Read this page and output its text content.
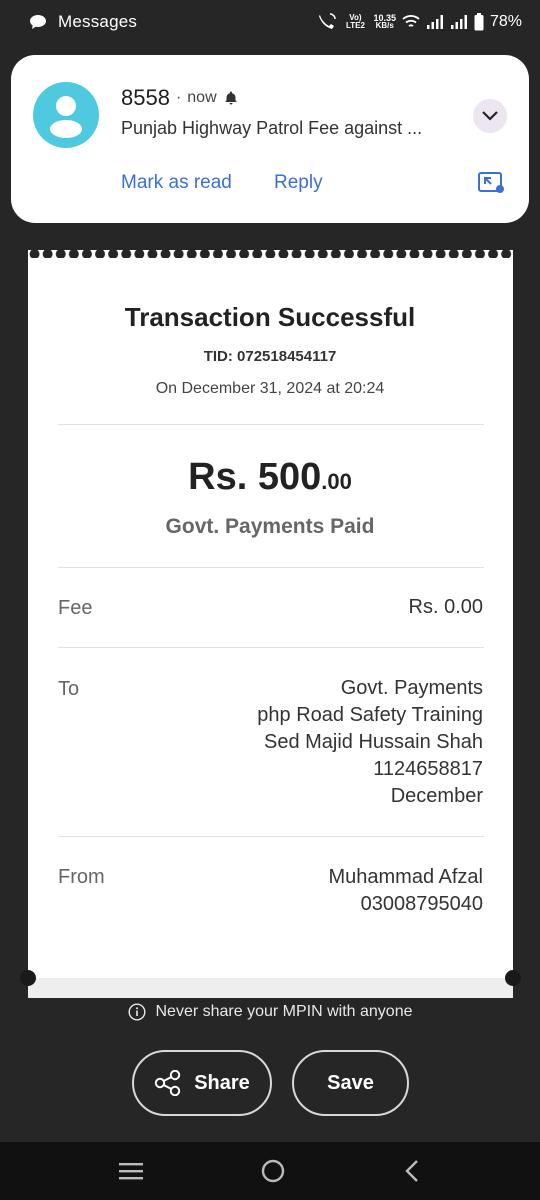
Messages	Vo) LTE2
10.35
KB/s	78%
8558 · now
Punjab Highway Patrol Fee against ...
Mark as read Reply
Transaction Successful
TID: 072518454117
On December 31, 2024 at 20:24
Rs. 500.00
Govt. Payments Paid
Fee	Rs. 0.00
To	Govt. Payments
php Road Safety Training
Sed Majid Hussain Shah
1124658817
December
From	Muhammad Afzal
03008795040
Never share your MPIN with anyone
Share	Save
